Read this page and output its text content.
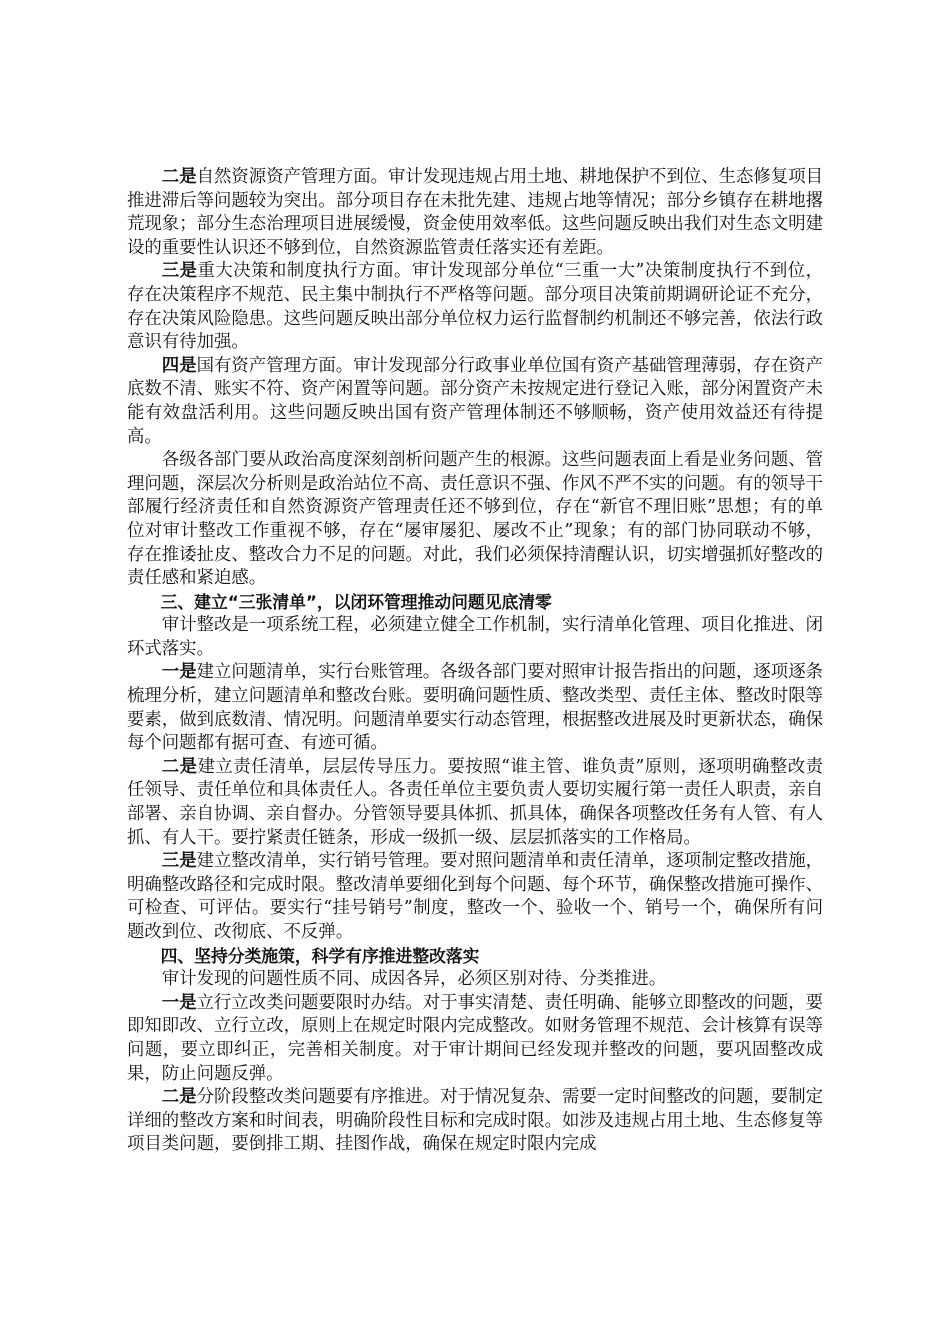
二是自然资源资产管理方面。审计发现违规占用土地、耕地保护不到位、生态修复项目推进滞后等问题较为突出。部分项目存在未批先建、违规占地等情况；部分乡镇存在耕地撂荒现象；部分生态治理项目进展缓慢，资金使用效率低。这些问题反映出我们对生态文明建设的重要性认识还不够到位，自然资源监管责任落实还有差距。

三是重大决策和制度执行方面。审计发现部分单位“三重一大”决策制度执行不到位，存在决策程序不规范、民主集中制执行不严格等问题。部分项目决策前期调研论证不充分，存在决策风险隐患。这些问题反映出部分单位权力运行监督制约机制还不够完善，依法行政意识有待加强。

四是国有资产管理方面。审计发现部分行政事业单位国有资产基础管理薄弱，存在资产底数不清、账实不符、资产闲置等问题。部分资产未按规定进行登记入账，部分闲置资产未能有效盘活利用。这些问题反映出国有资产管理体制还不够顺畅，资产使用效益还有待提高。

各级各部门要从政治高度深刻剖析问题产生的根源。这些问题表面上看是业务问题、管理问题，深层次分析则是政治站位不高、责任意识不强、作风不严不实的问题。有的领导干部履行经济责任和自然资源资产管理责任还不够到位，存在“新官不理旧账”思想；有的单位对审计整改工作重视不够，存在“屡审屡犯、屡改不止”现象；有的部门协同联动不够，存在推诿扯皮、整改合力不足的问题。对此，我们必须保持清醒认识，切实增强抓好整改的责任感和紧迫感。

三、建立“三张清单”，以闭环管理推动问题见底清零

审计整改是一项系统工程，必须建立健全工作机制，实行清单化管理、项目化推进、闭环式落实。

一是建立问题清单，实行台账管理。各级各部门要对照审计报告指出的问题，逐项逐条梳理分析，建立问题清单和整改台账。要明确问题性质、整改类型、责任主体、整改时限等要素，做到底数清、情况明。问题清单要实行动态管理，根据整改进展及时更新状态，确保每个问题都有据可查、有迹可循。

二是建立责任清单，层层传导压力。要按照“谁主管、谁负责”原则，逐项明确整改责任领导、责任单位和具体责任人。各责任单位主要负责人要切实履行第一责任人职责，亲自部署、亲自协调、亲自督办。分管领导要具体抓、抓具体，确保各项整改任务有人管、有人抓、有人干。要拧紧责任链条，形成一级抓一级、层层抓落实的工作格局。

三是建立整改清单，实行销号管理。要对照问题清单和责任清单，逐项制定整改措施，明确整改路径和完成时限。整改清单要细化到每个问题、每个环节，确保整改措施可操作、可检查、可评估。要实行“挂号销号”制度，整改一个、验收一个、销号一个，确保所有问题改到位、改彻底、不反弹。

四、坚持分类施策，科学有序推进整改落实

审计发现的问题性质不同、成因各异，必须区别对待、分类推进。

一是立行立改类问题要限时办结。对于事实清楚、责任明确、能够立即整改的问题，要即知即改、立行立改，原则上在规定时限内完成整改。如财务管理不规范、会计核算有误等问题，要立即纠正，完善相关制度。对于审计期间已经发现并整改的问题，要巩固整改成果，防止问题反弹。

二是分阶段整改类问题要有序推进。对于情况复杂、需要一定时间整改的问题，要制定详细的整改方案和时间表，明确阶段性目标和完成时限。如涉及违规占用土地、生态修复等项目类问题，要倒排工期、挂图作战，确保在规定时限内完成
